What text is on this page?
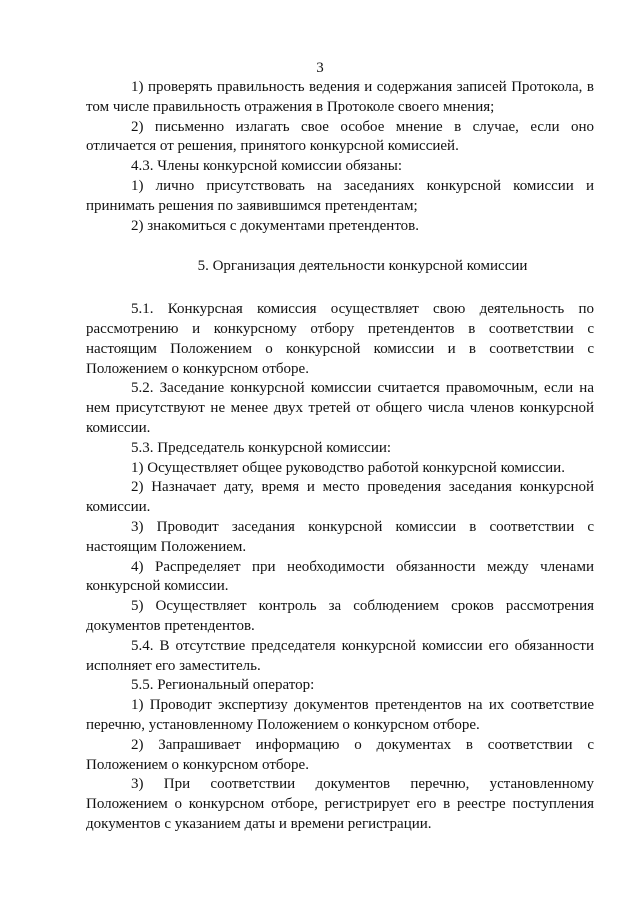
3

1) проверять правильность ведения и содержания записей Протокола, в том числе правильность отражения в Протоколе своего мнения;

2) письменно излагать свое особое мнение в случае, если оно отличается от решения, принятого конкурсной комиссией.

4.3. Члены конкурсной комиссии обязаны:

1) лично присутствовать на заседаниях конкурсной комиссии и принимать решения по заявившимся претендентам;

2) знакомиться с документами претендентов.

5. Организация деятельности конкурсной комиссии

5.1. Конкурсная комиссия осуществляет свою деятельность по рассмотрению и конкурсному отбору претендентов в соответствии с настоящим Положением о конкурсной комиссии и в соответствии с Положением о конкурсном отборе.

5.2. Заседание конкурсной комиссии считается правомочным, если на нем присутствуют не менее двух третей от общего числа членов конкурсной комиссии.

5.3. Председатель конкурсной комиссии:

1) Осуществляет общее руководство работой конкурсной комиссии.

2) Назначает дату, время и место проведения заседания конкурсной комиссии.

3) Проводит заседания конкурсной комиссии в соответствии с настоящим Положением.

4) Распределяет при необходимости обязанности между членами конкурсной комиссии.

5) Осуществляет контроль за соблюдением сроков рассмотрения документов претендентов.

5.4. В отсутствие председателя конкурсной комиссии его обязанности исполняет его заместитель.

5.5. Региональный оператор:

1) Проводит экспертизу документов претендентов на их соответствие перечню, установленному Положением о конкурсном отборе.

2) Запрашивает информацию о документах в соответствии с Положением о конкурсном отборе.

3) При соответствии документов перечню, установленному Положением о конкурсном отборе, регистрирует его в реестре поступления документов с указанием даты и времени регистрации.
